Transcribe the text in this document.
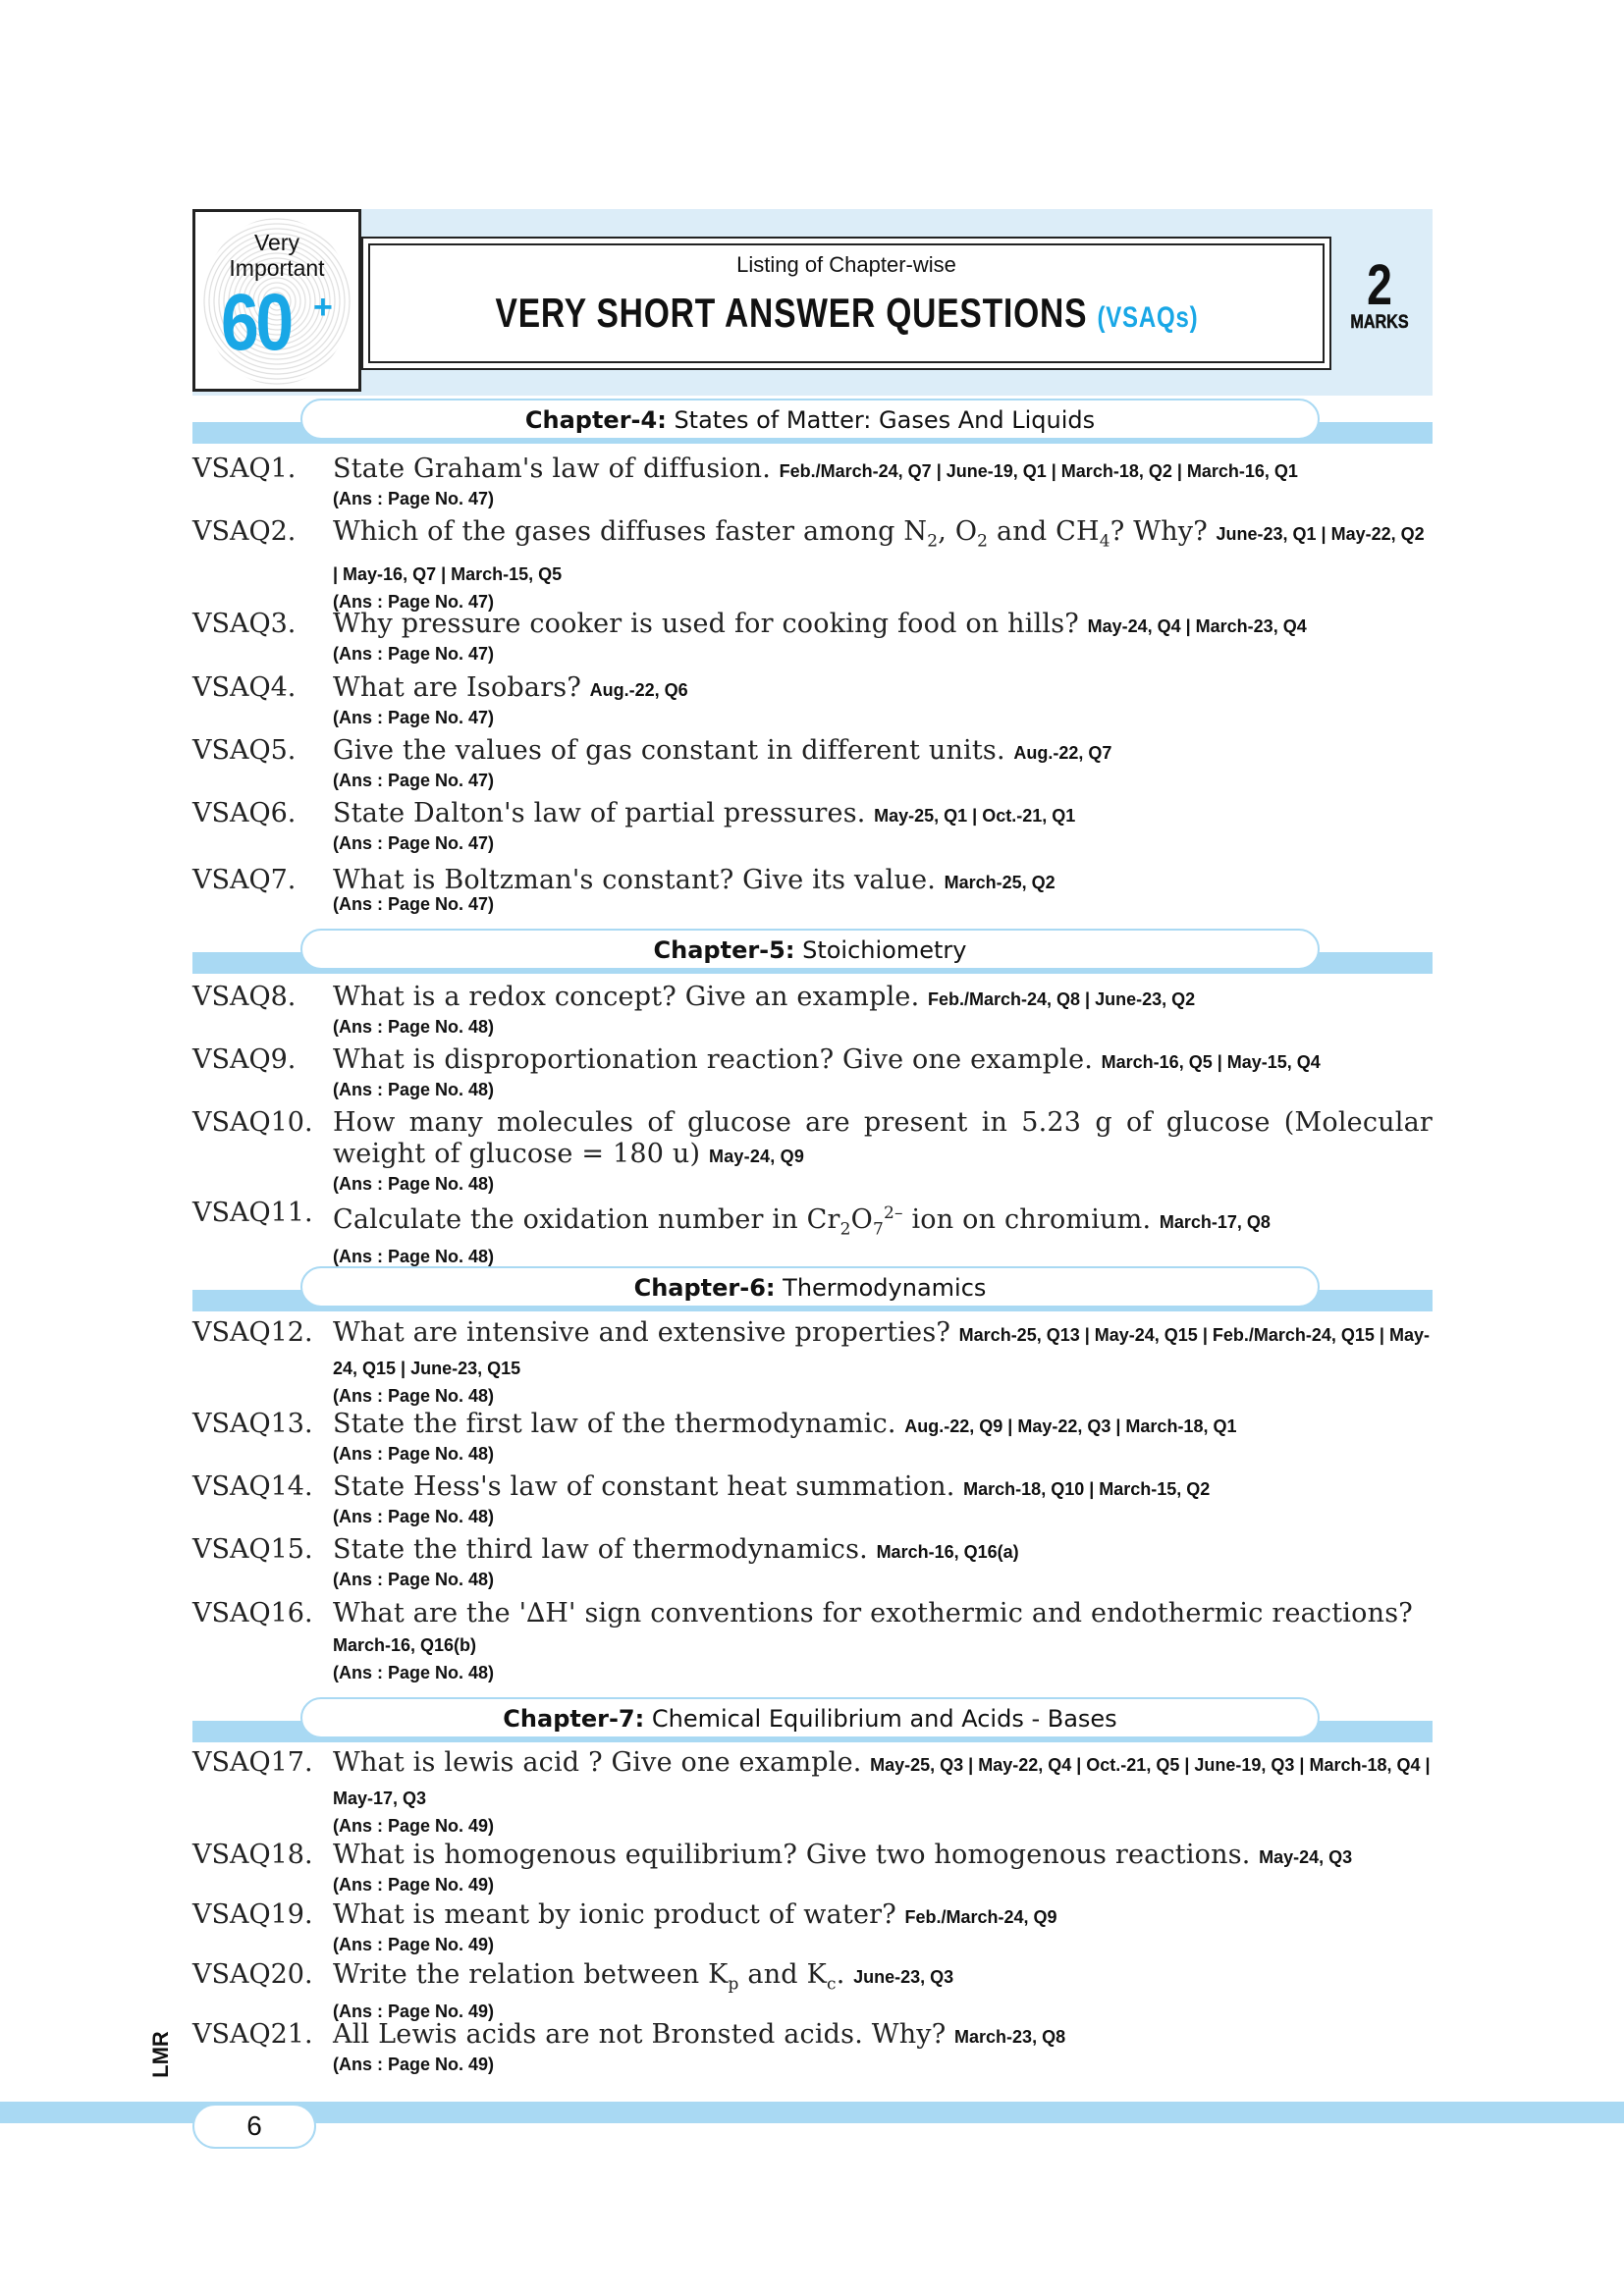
Very
Important
60 +
Listing of Chapter-wise
VERY SHORT ANSWER QUESTIONS (VSAQs)
2
MARKS
Chapter-4: States of Matter: Gases And Liquids
VSAQ1.	State Graham's law of diffusion. Feb./March-24, Q7 | June-19, Q1 | March-18, Q2 | March-16, Q1
(Ans : Page No. 47)
VSAQ2.	Which of the gases diffuses faster among $N_2$, $O_2$ and $CH_4$? Why? June-23, Q1 | May-22, Q2 | May-16, Q7 | March-15, Q5
(Ans : Page No. 47)
VSAQ3.	Why pressure cooker is used for cooking food on hills? May-24, Q4 | March-23, Q4
(Ans : Page No. 47)
VSAQ4.	What are Isobars? Aug.-22, Q6
(Ans : Page No. 47)
VSAQ5.	Give the values of gas constant in different units. Aug.-22, Q7
(Ans : Page No. 47)
VSAQ6.	State Dalton's law of partial pressures. May-25, Q1 | Oct.-21, Q1
(Ans : Page No. 47)
VSAQ7.	What is Boltzman's constant? Give its value. March-25, Q2
(Ans : Page No. 47)
Chapter-5: Stoichiometry
VSAQ8.	What is a redox concept? Give an example. Feb./March-24, Q8 | June-23, Q2
(Ans : Page No. 48)
VSAQ9.	What is disproportionation reaction? Give one example. March-16, Q5 | May-15, Q4
(Ans : Page No. 48)
VSAQ10. How many molecules of glucose are present in 5.23 g of glucose (Molecular weight of glucose = 180 u) May-24, Q9
(Ans : Page No. 48)
VSAQ11. Calculate the oxidation number in $Cr_2O_7^{2-}$ ion on chromium. March-17, Q8
(Ans : Page No. 48)
Chapter-6: Thermodynamics
VSAQ12. What are intensive and extensive properties? March-25, Q13 | May-24, Q15 | Feb./March-24, Q15 | May-24, Q15 | June-23, Q15
(Ans : Page No. 48)
VSAQ13. State the first law of the thermodynamic. Aug.-22, Q9 | May-22, Q3 | March-18, Q1
(Ans : Page No. 48)
VSAQ14. State Hess's law of constant heat summation. March-18, Q10 | March-15, Q2
(Ans : Page No. 48)
VSAQ15. State the third law of thermodynamics. March-16, Q16(a)
(Ans : Page No. 48)
VSAQ16. What are the '∆H' sign conventions for exothermic and endothermic reactions?
March-16, Q16(b)
(Ans : Page No. 48)
Chapter-7: Chemical Equilibrium and Acids - Bases
VSAQ17. What is lewis acid ? Give one example. May-25, Q3 | May-22, Q4 | Oct.-21, Q5 | June-19, Q3 | March-18, Q4 | May-17, Q3
(Ans : Page No. 49)
VSAQ18. What is homogenous equilibrium? Give two homogenous reactions. May-24, Q3
(Ans : Page No. 49)
VSAQ19. What is meant by ionic product of water? Feb./March-24, Q9
(Ans : Page No. 49)
VSAQ20. Write the relation between $K_p$ and $K_c$. June-23, Q3
(Ans : Page No. 49)
VSAQ21. All Lewis acids are not Bronsted acids. Why? March-23, Q8
(Ans : Page No. 49)
LMR
6
